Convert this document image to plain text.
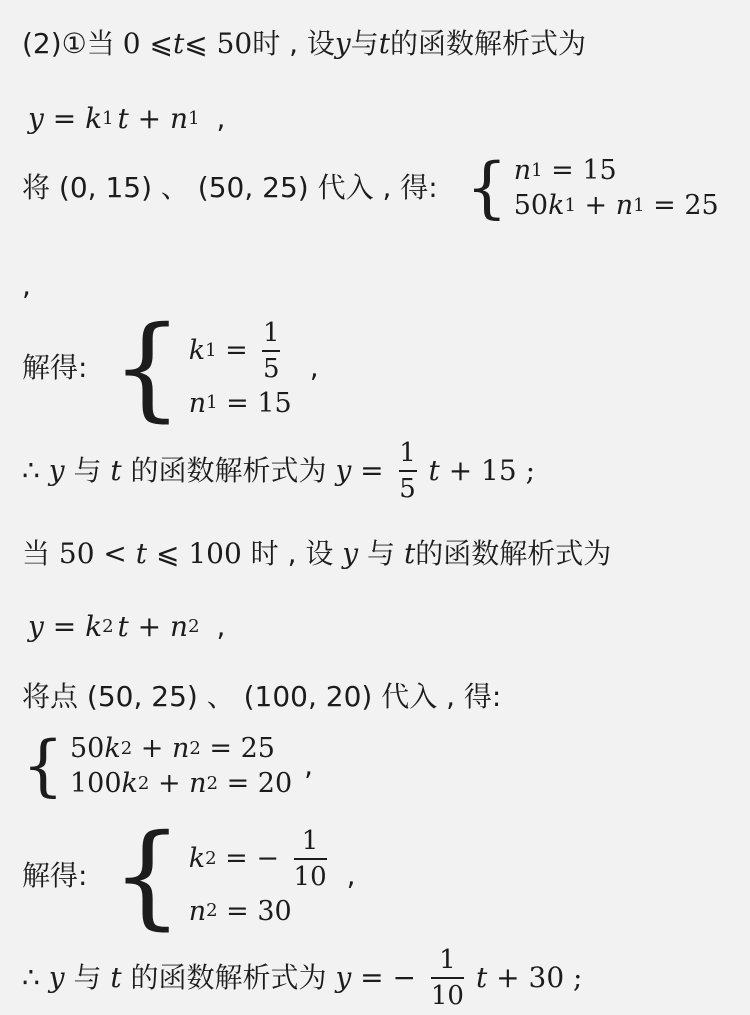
(2)①当 0 ⩽ t ⩽ 50 时 , 设 y 与 t 的函数解析式为
y = k 1 t + n 1 ,
将 (0, 15) 、 (50, 25) 代入 , 得: { n 1 = 15
50 k 1 + n 1 = 25
,
解得: { k $1 = \frac{1}{5}$
n 1 = 15
,
∴ y 与 t 的函数解析式为 $y = \frac{1}{5}$ t + 15 ;
当 50 < t ⩽ 100 时 , 设 y 与 t 的函数解析式为
y = k 2 t + n 2 ,
将点 (50, 25) 、 (100, 20) 代入 , 得:
{ 50 k 2 + n 2 = 25
100 k 2 + n 2 = 20
,
解得: { k 2 = − $\frac{1}{10}$
n 2 = 30
,
∴ y 与 t 的函数解析式为 y = − $\frac{1}{10}$ t + 30 ;
